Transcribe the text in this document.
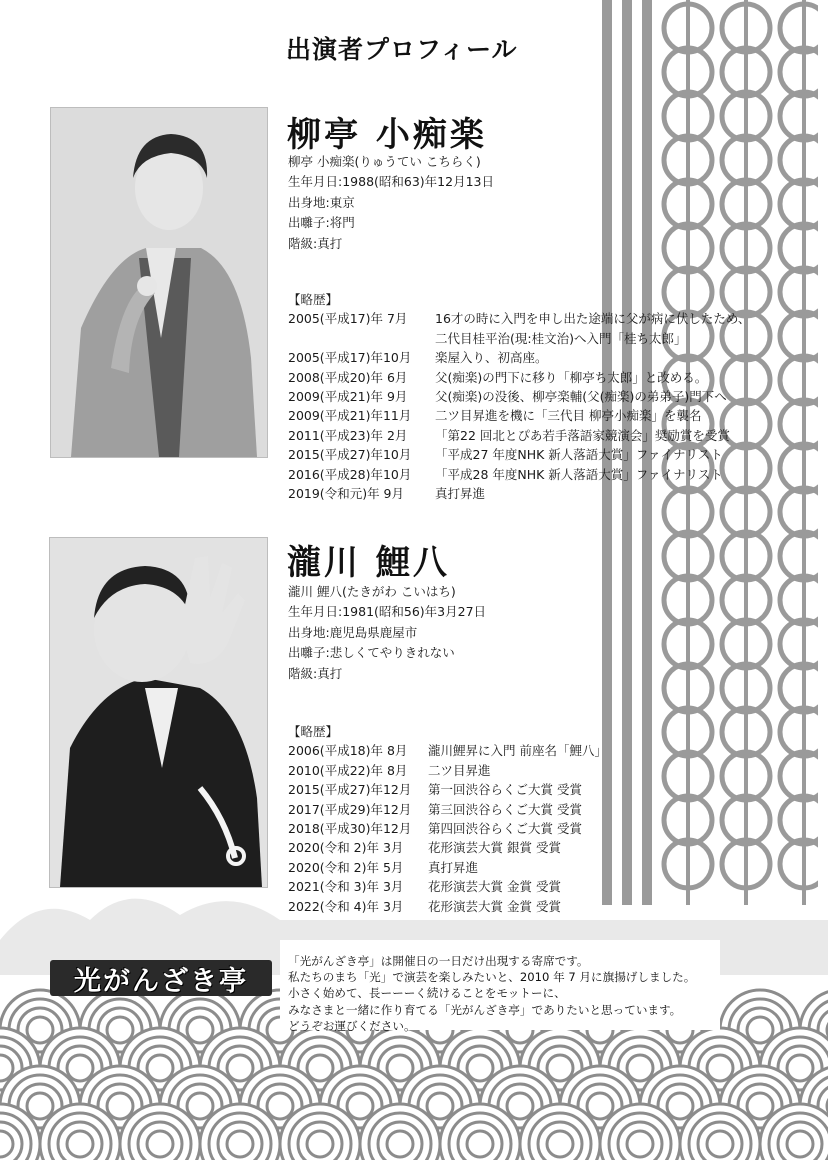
出演者プロフィール
柳亭 小痴楽
柳亭 小痴楽(りゅうてい こちらく)
生年月日:1988(昭和63)年12月13日
出身地:東京
出囃子:将門
階級:真打
【略歴】
2005(平成17)年 7月	16才の時に入門を申し出た途端に父が病に伏したため、
二代目桂平治(現:桂文治)へ入門「桂ち太郎」
2005(平成17)年10月	楽屋入り、初高座。
2008(平成20)年 6月	父(痴楽)の門下に移り「柳亭ち太郎」と改める。
2009(平成21)年 9月	父(痴楽)の没後、柳亭楽輔(父(痴楽)の弟弟子)門下へ
2009(平成21)年11月	二ツ目昇進を機に「三代目 柳亭小痴楽」を襲名
2011(平成23)年 2月	「第22 回北とぴあ若手落語家競演会」奨励賞を受賞
2015(平成27)年10月	「平成27 年度NHK 新人落語大賞」ファイナリスト
2016(平成28)年10月	「平成28 年度NHK 新人落語大賞」ファイナリスト
2019(令和元)年 9月	真打昇進
瀧川 鯉八
瀧川 鯉八(たきがわ こいはち)
生年月日:1981(昭和56)年3月27日
出身地:鹿児島県鹿屋市
出囃子:悲しくてやりきれない
階級:真打
【略歴】
2006(平成18)年 8月	瀧川鯉昇に入門 前座名「鯉八」
2010(平成22)年 8月	二ツ目昇進
2015(平成27)年12月	第一回渋谷らくご大賞 受賞
2017(平成29)年12月	第三回渋谷らくご大賞 受賞
2018(平成30)年12月	第四回渋谷らくご大賞 受賞
2020(令和 2)年 3月	花形演芸大賞 銀賞 受賞
2020(令和 2)年 5月	真打昇進
2021(令和 3)年 3月	花形演芸大賞 金賞 受賞
2022(令和 4)年 3月	花形演芸大賞 金賞 受賞
光がんざき亭
「光がんざき亭」は開催日の一日だけ出現する寄席です。
私たちのまち「光」で演芸を楽しみたいと、2010 年 7 月に旗揚げしました。
小さく始めて、長ーーーく続けることをモットーに、
みなさまと一緒に作り育てる「光がんざき亭」でありたいと思っています。
どうぞお運びください。
